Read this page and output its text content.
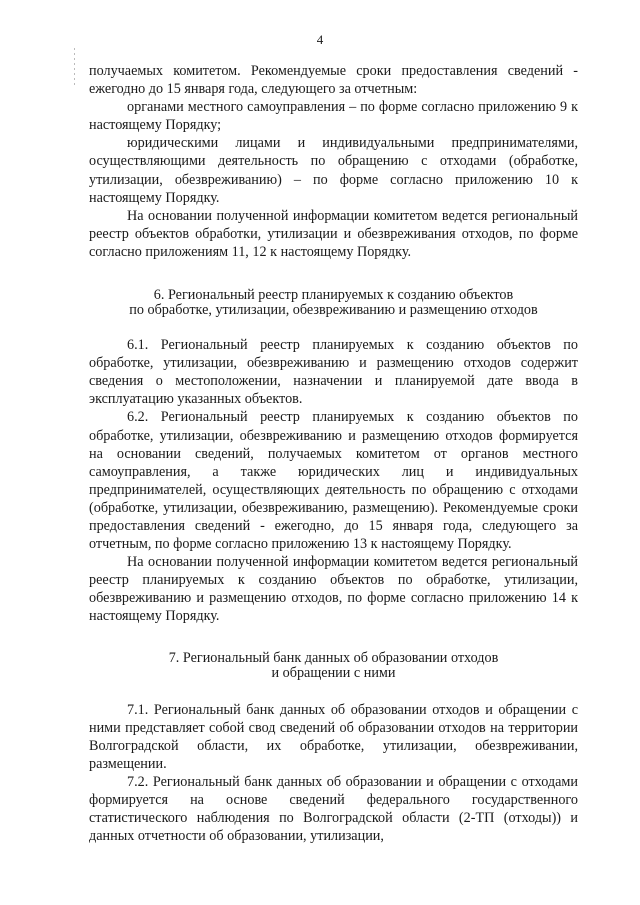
4

получаемых комитетом. Рекомендуемые сроки предоставления сведений - ежегодно до 15 января года, следующего за отчетным:

органами местного самоуправления – по форме согласно приложению 9 к настоящему Порядку;

юридическими лицами и индивидуальными предпринимателями, осуществляющими деятельность по обращению с отходами (обработке, утилизации, обезвреживанию) – по форме согласно приложению 10 к настоящему Порядку.

На основании полученной информации комитетом ведется региональный реестр объектов обработки, утилизации и обезвреживания отходов, по форме согласно приложениям 11, 12 к настоящему Порядку.

6. Региональный реестр планируемых к созданию объектов

по обработке, утилизации, обезвреживанию и размещению отходов

6.1. Региональный реестр планируемых к созданию объектов по обработке, утилизации, обезвреживанию и размещению отходов содержит сведения о местоположении, назначении и планируемой дате ввода в эксплуатацию указанных объектов.

6.2. Региональный реестр планируемых к созданию объектов по обработке, утилизации, обезвреживанию и размещению отходов формируется на основании сведений, получаемых комитетом от органов местного самоуправления, а также юридических лиц и индивидуальных предпринимателей, осуществляющих деятельность по обращению с отходами (обработке, утилизации, обезвреживанию, размещению). Рекомендуемые сроки предоставления сведений - ежегодно, до 15 января года, следующего за отчетным, по форме согласно приложению 13 к настоящему Порядку.

На основании полученной информации комитетом ведется региональный реестр планируемых к созданию объектов по обработке, утилизации, обезвреживанию и размещению отходов, по форме согласно приложению 14 к настоящему Порядку.

7. Региональный банк данных об образовании отходов

и обращении с ними

7.1. Региональный банк данных об образовании отходов и обращении с ними представляет собой свод сведений об образовании отходов на территории Волгоградской области, их обработке, утилизации, обезвреживании, размещении.

7.2. Региональный банк данных об образовании и обращении с отходами формируется на основе сведений федерального государственного статистического наблюдения по Волгоградской области (2-ТП (отходы)) и данных отчетности об образовании, утилизации,
